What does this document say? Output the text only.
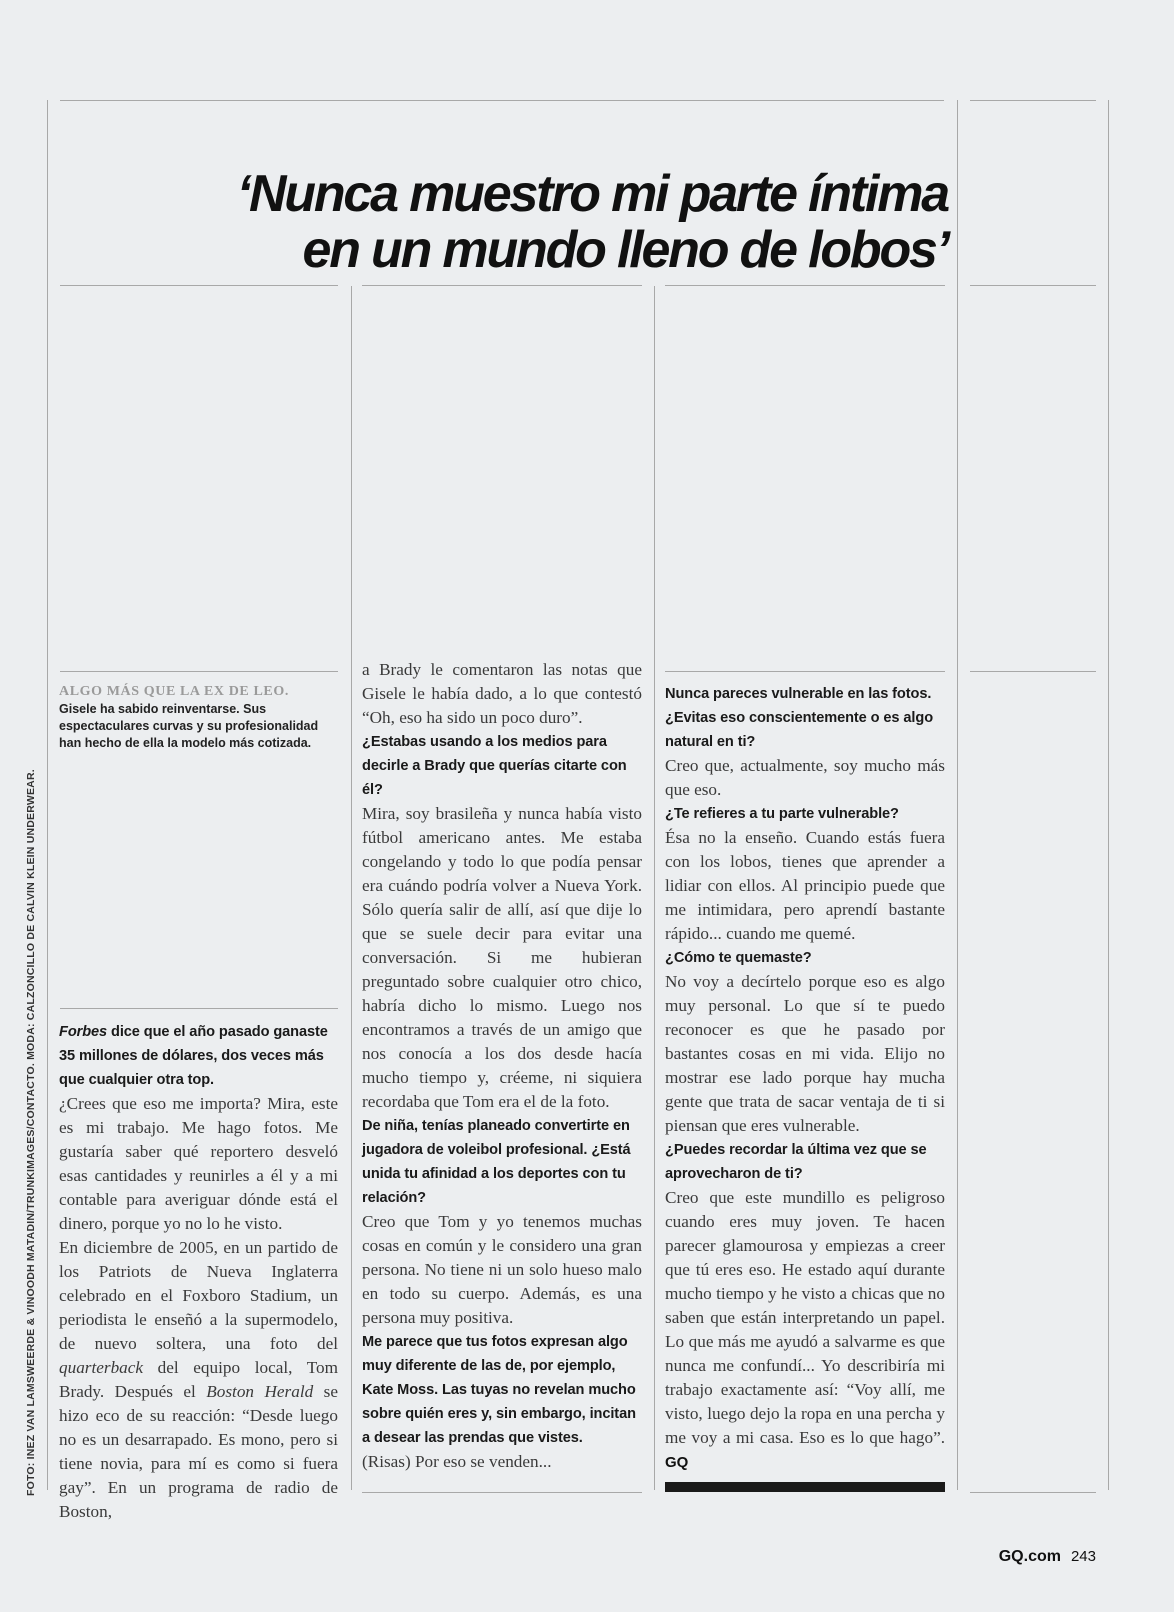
‘Nunca muestro mi parte íntima
en un mundo lleno de lobos’
ALGO MÁS QUE LA EX DE LEO.
Gisele ha sabido reinventarse. Sus espectaculares curvas y su profesionalidad han hecho de ella la modelo más cotizada.
FOTO: INEZ VAN LAMSWEERDE & VINOODH MATADIN/TRUNKIMAGES/CONTACTO. MODA: CALZONCILLO DE CALVIN KLEIN UNDERWEAR. Forbes dice que el año pasado ganaste 35 millones de dólares, dos veces más que cualquier otra top.

¿Crees que eso me importa? Mira, este es mi trabajo. Me hago fotos. Me gustaría saber qué reportero desveló esas cantidades y reunirles a él y a mi contable para averiguar dónde está el dinero, porque yo no lo he visto.

En diciembre de 2005, en un partido de los Patriots de Nueva Inglaterra celebrado en el Foxboro Stadium, un periodista le enseñó a la supermodelo, de nuevo soltera, una foto del quarterback del equipo local, Tom Brady. Después el Boston Herald se hizo eco de su reacción: “Desde luego no es un desarrapado. Es mono, pero si tiene novia, para mí es como si fuera gay”. En un programa de radio de Boston,

a Brady le comentaron las notas que Gisele le había dado, a lo que contestó “Oh, eso ha sido un poco duro”.

¿Estabas usando a los medios para decirle a Brady que querías citarte con él?

Mira, soy brasileña y nunca había visto fútbol americano antes. Me estaba congelando y todo lo que podía pensar era cuándo podría volver a Nueva York. Sólo quería salir de allí, así que dije lo que se suele decir para evitar una conversación. Si me hubieran preguntado sobre cualquier otro chico, habría dicho lo mismo. Luego nos encontramos a través de un amigo que nos conocía a los dos desde hacía mucho tiempo y, créeme, ni siquiera recordaba que Tom era el de la foto.

De niña, tenías planeado convertirte en jugadora de voleibol profesional. ¿Está unida tu afinidad a los deportes con tu relación?

Creo que Tom y yo tenemos muchas cosas en común y le considero una gran persona. No tiene ni un solo hueso malo en todo su cuerpo. Además, es una persona muy positiva.

Me parece que tus fotos expresan algo muy diferente de las de, por ejemplo, Kate Moss. Las tuyas no revelan mucho sobre quién eres y, sin embargo, incitan a desear las prendas que vistes.

(Risas) Por eso se venden...

Nunca pareces vulnerable en las fotos. ¿Evitas eso conscientemente o es algo natural en ti?

Creo que, actualmente, soy mucho más que eso.

¿Te refieres a tu parte vulnerable?

Ésa no la enseño. Cuando estás fuera con los lobos, tienes que aprender a lidiar con ellos. Al principio puede que me intimidara, pero aprendí bastante rápido... cuando me quemé.

¿Cómo te quemaste?

No voy a decírtelo porque eso es algo muy personal. Lo que sí te puedo reconocer es que he pasado por bastantes cosas en mi vida. Elijo no mostrar ese lado porque hay mucha gente que trata de sacar ventaja de ti si piensan que eres vulnerable.

¿Puedes recordar la última vez que se aprovecharon de ti?

Creo que este mundillo es peligroso cuando eres muy joven. Te hacen parecer glamourosa y empiezas a creer que tú eres eso. He estado aquí durante mucho tiempo y he visto a chicas que no saben que están interpretando un papel. Lo que más me ayudó a salvarme es que nunca me confundí... Yo describiría mi trabajo exactamente así: “Voy allí, me visto, luego dejo la ropa en una percha y me voy a mi casa. Eso es lo que hago”. GQ

GQ.com 243
